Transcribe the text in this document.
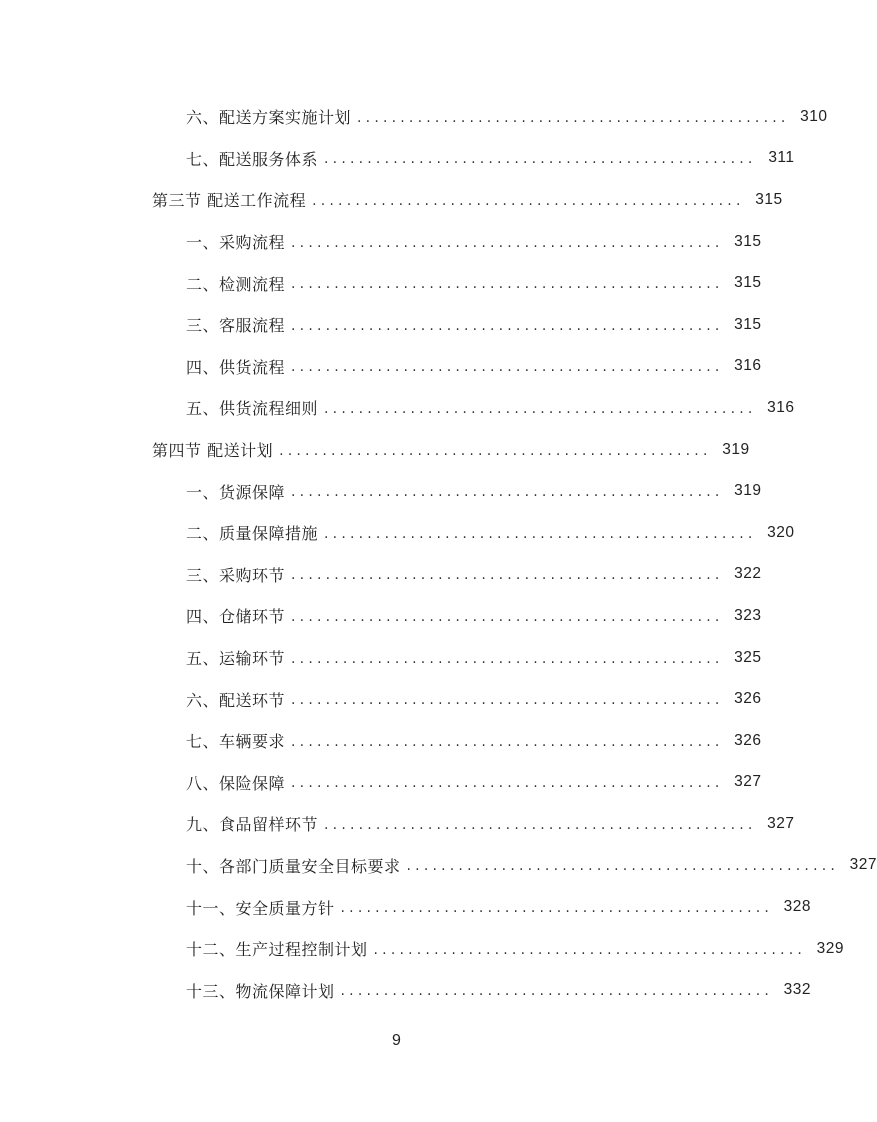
六、配送方案实施计划 .................................................. 310
七、配送服务体系 .................................................. 311
第三节 配送工作流程 .................................................. 315
一、采购流程 .................................................. 315
二、检测流程 .................................................. 315
三、客服流程 .................................................. 315
四、供货流程 .................................................. 316
五、供货流程细则 .................................................. 316
第四节 配送计划 .................................................. 319
一、货源保障 .................................................. 319
二、质量保障措施 .................................................. 320
三、采购环节 .................................................. 322
四、仓储环节 .................................................. 323
五、运输环节 .................................................. 325
六、配送环节 .................................................. 326
七、车辆要求 .................................................. 326
八、保险保障 .................................................. 327
九、食品留样环节 .................................................. 327
十、各部门质量安全目标要求 .................................................. 327
十一、安全质量方针 .................................................. 328
十二、生产过程控制计划 .................................................. 329
十三、物流保障计划 .................................................. 332
9
